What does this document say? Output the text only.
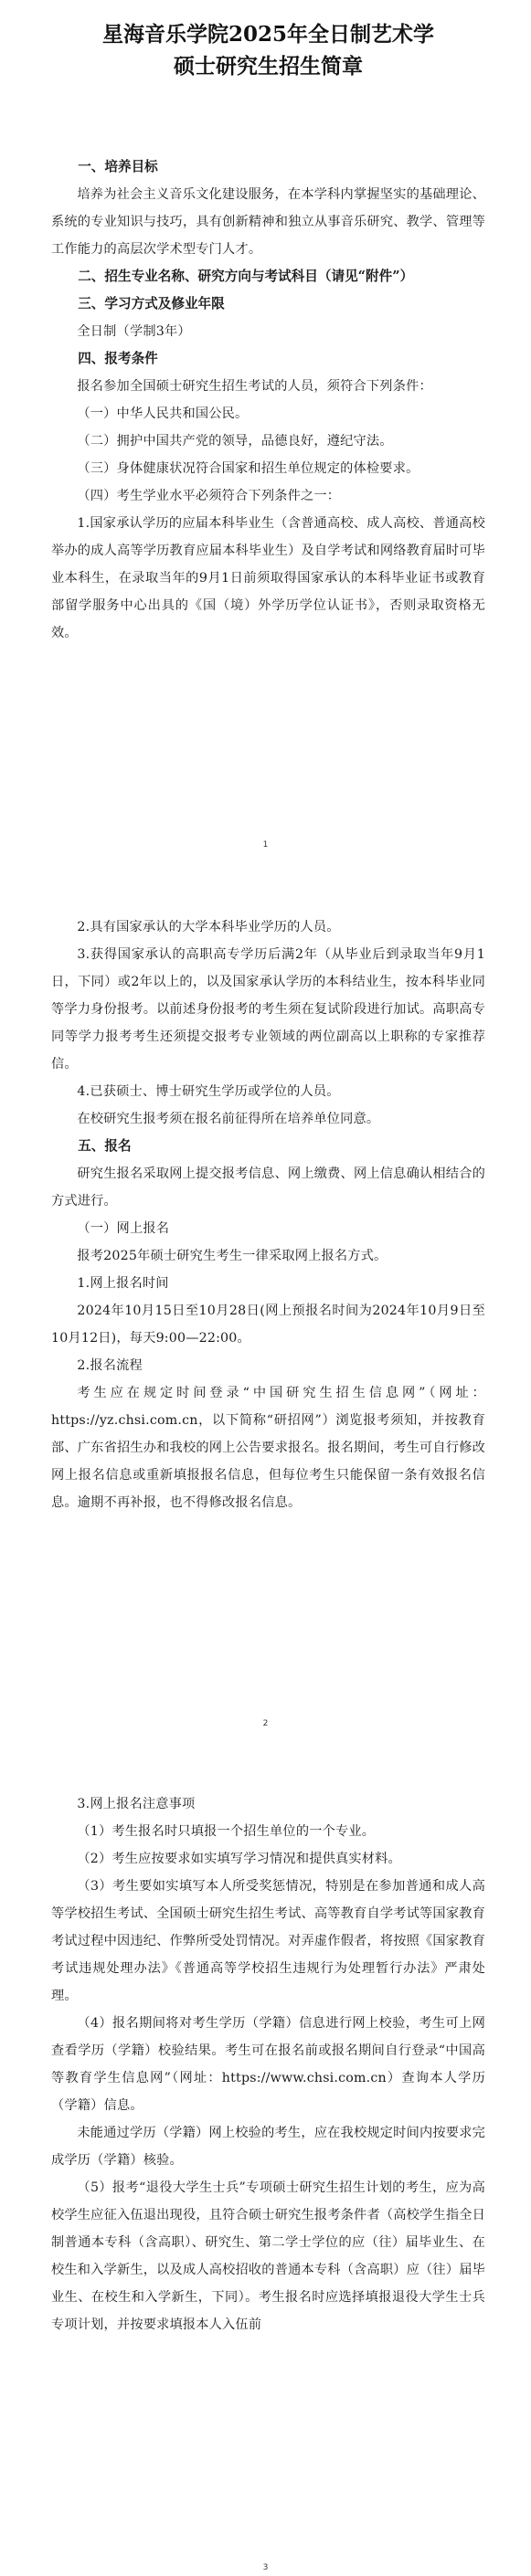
星海音乐学院2025年全日制艺术学
硕士研究生招生简章
一、培养目标

培养为社会主义音乐文化建设服务，在本学科内掌握坚实的基础理论、系统的专业知识与技巧，具有创新精神和独立从事音乐研究、教学、管理等工作能力的高层次学术型专门人才。

二、招生专业名称、研究方向与考试科目（请见“附件”）
三、学习方式及修业年限

全日制（学制3年）

四、报考条件

报名参加全国硕士研究生招生考试的人员，须符合下列条件：

（一）中华人民共和国公民。

（二）拥护中国共产党的领导，品德良好，遵纪守法。

（三）身体健康状况符合国家和招生单位规定的体检要求。

（四）考生学业水平必须符合下列条件之一：

1.国家承认学历的应届本科毕业生（含普通高校、成人高校、普通高校举办的成人高等学历教育应届本科毕业生）及自学考试和网络教育届时可毕业本科生，在录取当年的9月1日前须取得国家承认的本科毕业证书或教育部留学服务中心出具的《国（境）外学历学位认证书》，否则录取资格无效。

1

2.具有国家承认的大学本科毕业学历的人员。

3.获得国家承认的高职高专学历后满2年（从毕业后到录取当年9月1日，下同）或2年以上的，以及国家承认学历的本科结业生，按本科毕业同等学力身份报考。以前述身份报考的考生须在复试阶段进行加试。高职高专同等学力报考考生还须提交报考专业领域的两位副高以上职称的专家推荐信。

4.已获硕士、博士研究生学历或学位的人员。

在校研究生报考须在报名前征得所在培养单位同意。

五、报名

研究生报名采取网上提交报考信息、网上缴费、网上信息确认相结合的方式进行。

（一）网上报名

报考2025年硕士研究生考生一律采取网上报名方式。

1.网上报名时间

2024年10月15日至10月28日(网上预报名时间为2024年10月9日至10月12日)，每天9:00—22:00。

2.报名流程

考生应在规定时间登录“中国研究生招生信息网”（网址：https://yz.chsi.com.cn，以下简称“研招网”）浏览报考须知，并按教育部、广东省招生办和我校的网上公告要求报名。报名期间，考生可自行修改网上报名信息或重新填报报名信息，但每位考生只能保留一条有效报名信息。逾期不再补报，也不得修改报名信息。

2

3.网上报名注意事项

（1）考生报名时只填报一个招生单位的一个专业。

（2）考生应按要求如实填写学习情况和提供真实材料。

（3）考生要如实填写本人所受奖惩情况，特别是在参加普通和成人高等学校招生考试、全国硕士研究生招生考试、高等教育自学考试等国家教育考试过程中因违纪、作弊所受处罚情况。对弄虚作假者，将按照《国家教育考试违规处理办法》《普通高等学校招生违规行为处理暂行办法》严肃处理。

（4）报名期间将对考生学历（学籍）信息进行网上校验，考生可上网查看学历（学籍）校验结果。考生可在报名前或报名期间自行登录“中国高等教育学生信息网”（网址：https://www.chsi.com.cn）查询本人学历（学籍）信息。

未能通过学历（学籍）网上校验的考生，应在我校规定时间内按要求完成学历（学籍）核验。

（5）报考“退役大学生士兵”专项硕士研究生招生计划的考生，应为高校学生应征入伍退出现役，且符合硕士研究生报考条件者（高校学生指全日制普通本专科（含高职）、研究生、第二学士学位的应（往）届毕业生、在校生和入学新生，以及成人高校招收的普通本专科（含高职）应（往）届毕业生、在校生和入学新生，下同）。考生报名时应选择填报退役大学生士兵专项计划，并按要求填报本人入伍前

3
